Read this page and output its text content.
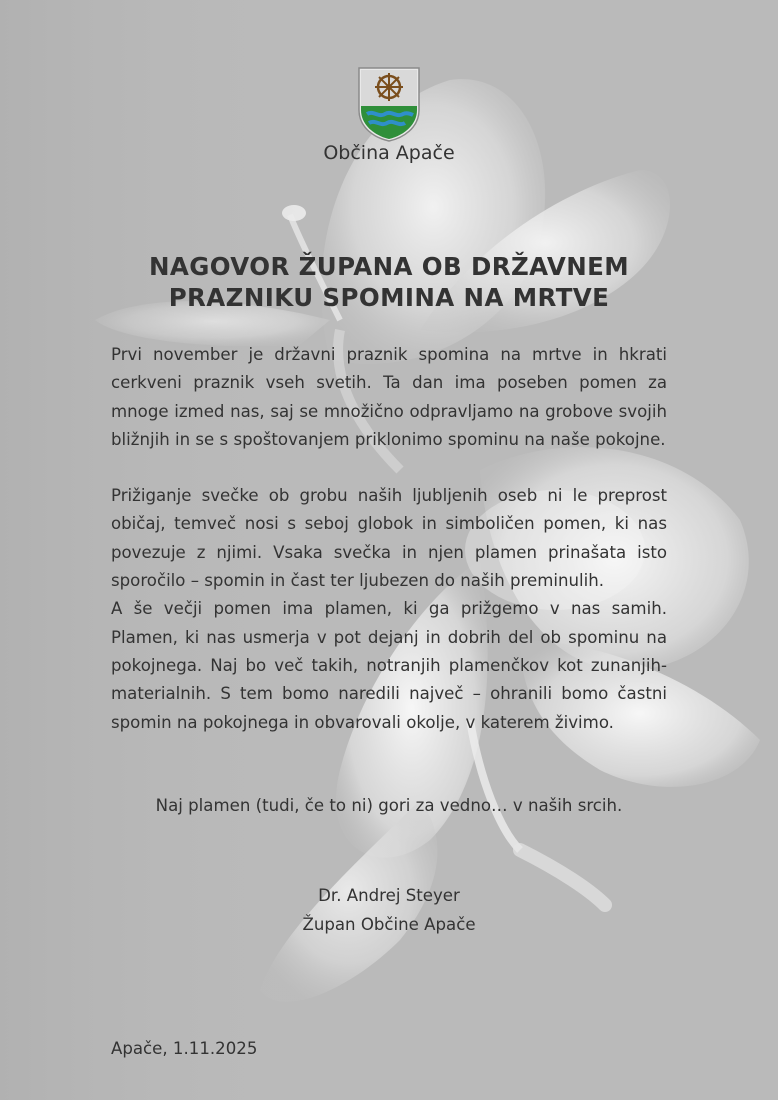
Občina Apače
NAGOVOR ŽUPANA OB DRŽAVNEM
PRAZNIKU SPOMINA NA MRTVE

Prvi november je državni praznik spomina na mrtve in hkrati cerkveni praznik vseh svetih. Ta dan ima poseben pomen za mnoge izmed nas, saj se množično odpravljamo na grobove svojih bližnjih in se s spoštovanjem priklonimo spominu na naše pokojne.

Prižiganje svečke ob grobu naših ljubljenih oseb ni le preprost običaj, temveč nosi s seboj globok in simboličen pomen, ki nas povezuje z njimi. Vsaka svečka in njen plamen prinašata isto sporočilo – spomin in čast ter ljubezen do naših preminulih.

A še večji pomen ima plamen, ki ga prižgemo v nas samih. Plamen, ki nas usmerja v pot dejanj in dobrih del ob spominu na pokojnega. Naj bo več takih, notranjih plamenčkov kot zunanjih-materialnih. S tem bomo naredili največ – ohranili bomo častni spomin na pokojnega in obvarovali okolje, v katerem živimo.

Naj plamen (tudi, če to ni) gori za vedno… v naših srcih.
Dr. Andrej Steyer
Župan Občine Apače
Apače, 1.11.2025
